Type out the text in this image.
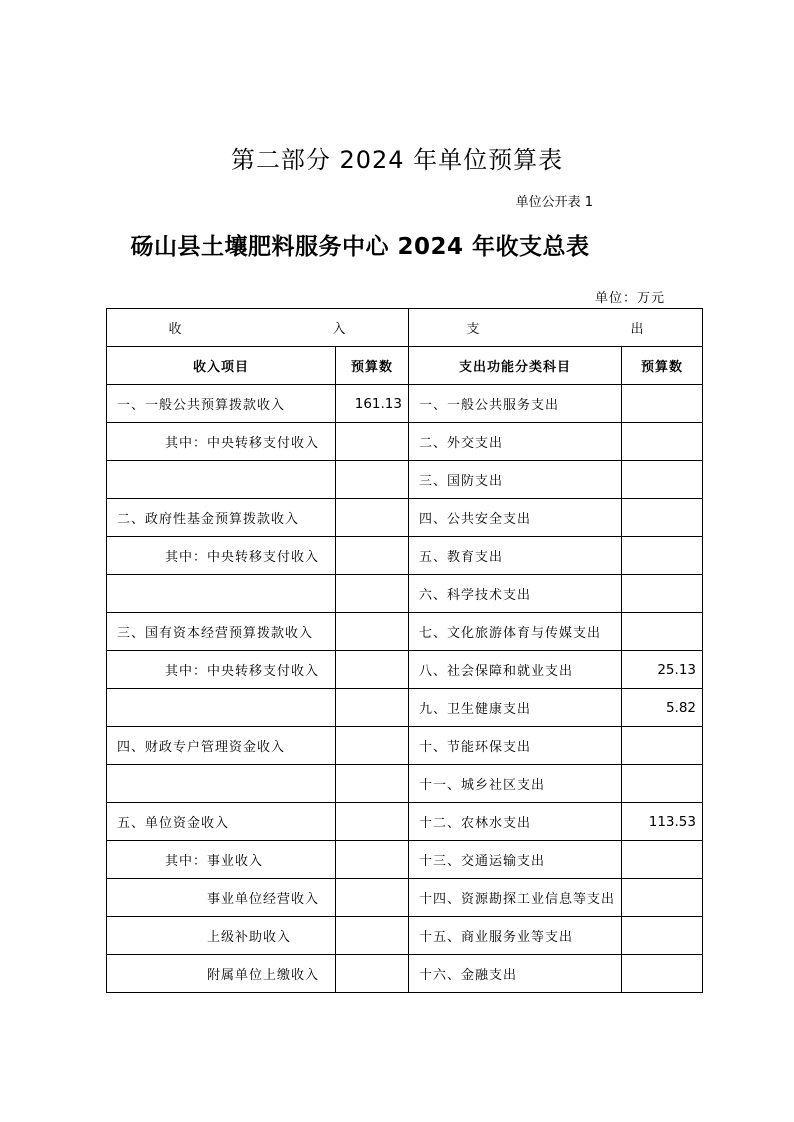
第二部分 2024 年单位预算表
单位公开表 1
砀山县土壤肥料服务中心 2024 年收支总表
单位：万元
收 入		支 出	
收入项目	预算数	支出功能分类科目	预算数
一、一般公共预算拨款收入	161.13	一、一般公共服务支出	
其中：中央转移支付收入		二、外交支出	
		三、国防支出	
二、政府性基金预算拨款收入		四、公共安全支出	
其中：中央转移支付收入		五、教育支出	
		六、科学技术支出	
三、国有资本经营预算拨款收入		七、文化旅游体育与传媒支出	
其中：中央转移支付收入		八、社会保障和就业支出	25.13
		九、卫生健康支出	5.82
四、财政专户管理资金收入		十、节能环保支出	
		十一、城乡社区支出	
五、单位资金收入		十二、农林水支出	113.53
其中：事业收入		十三、交通运输支出	
事业单位经营收入		十四、资源勘探工业信息等支出	
上级补助收入		十五、商业服务业等支出	
附属单位上缴收入		十六、金融支出	
